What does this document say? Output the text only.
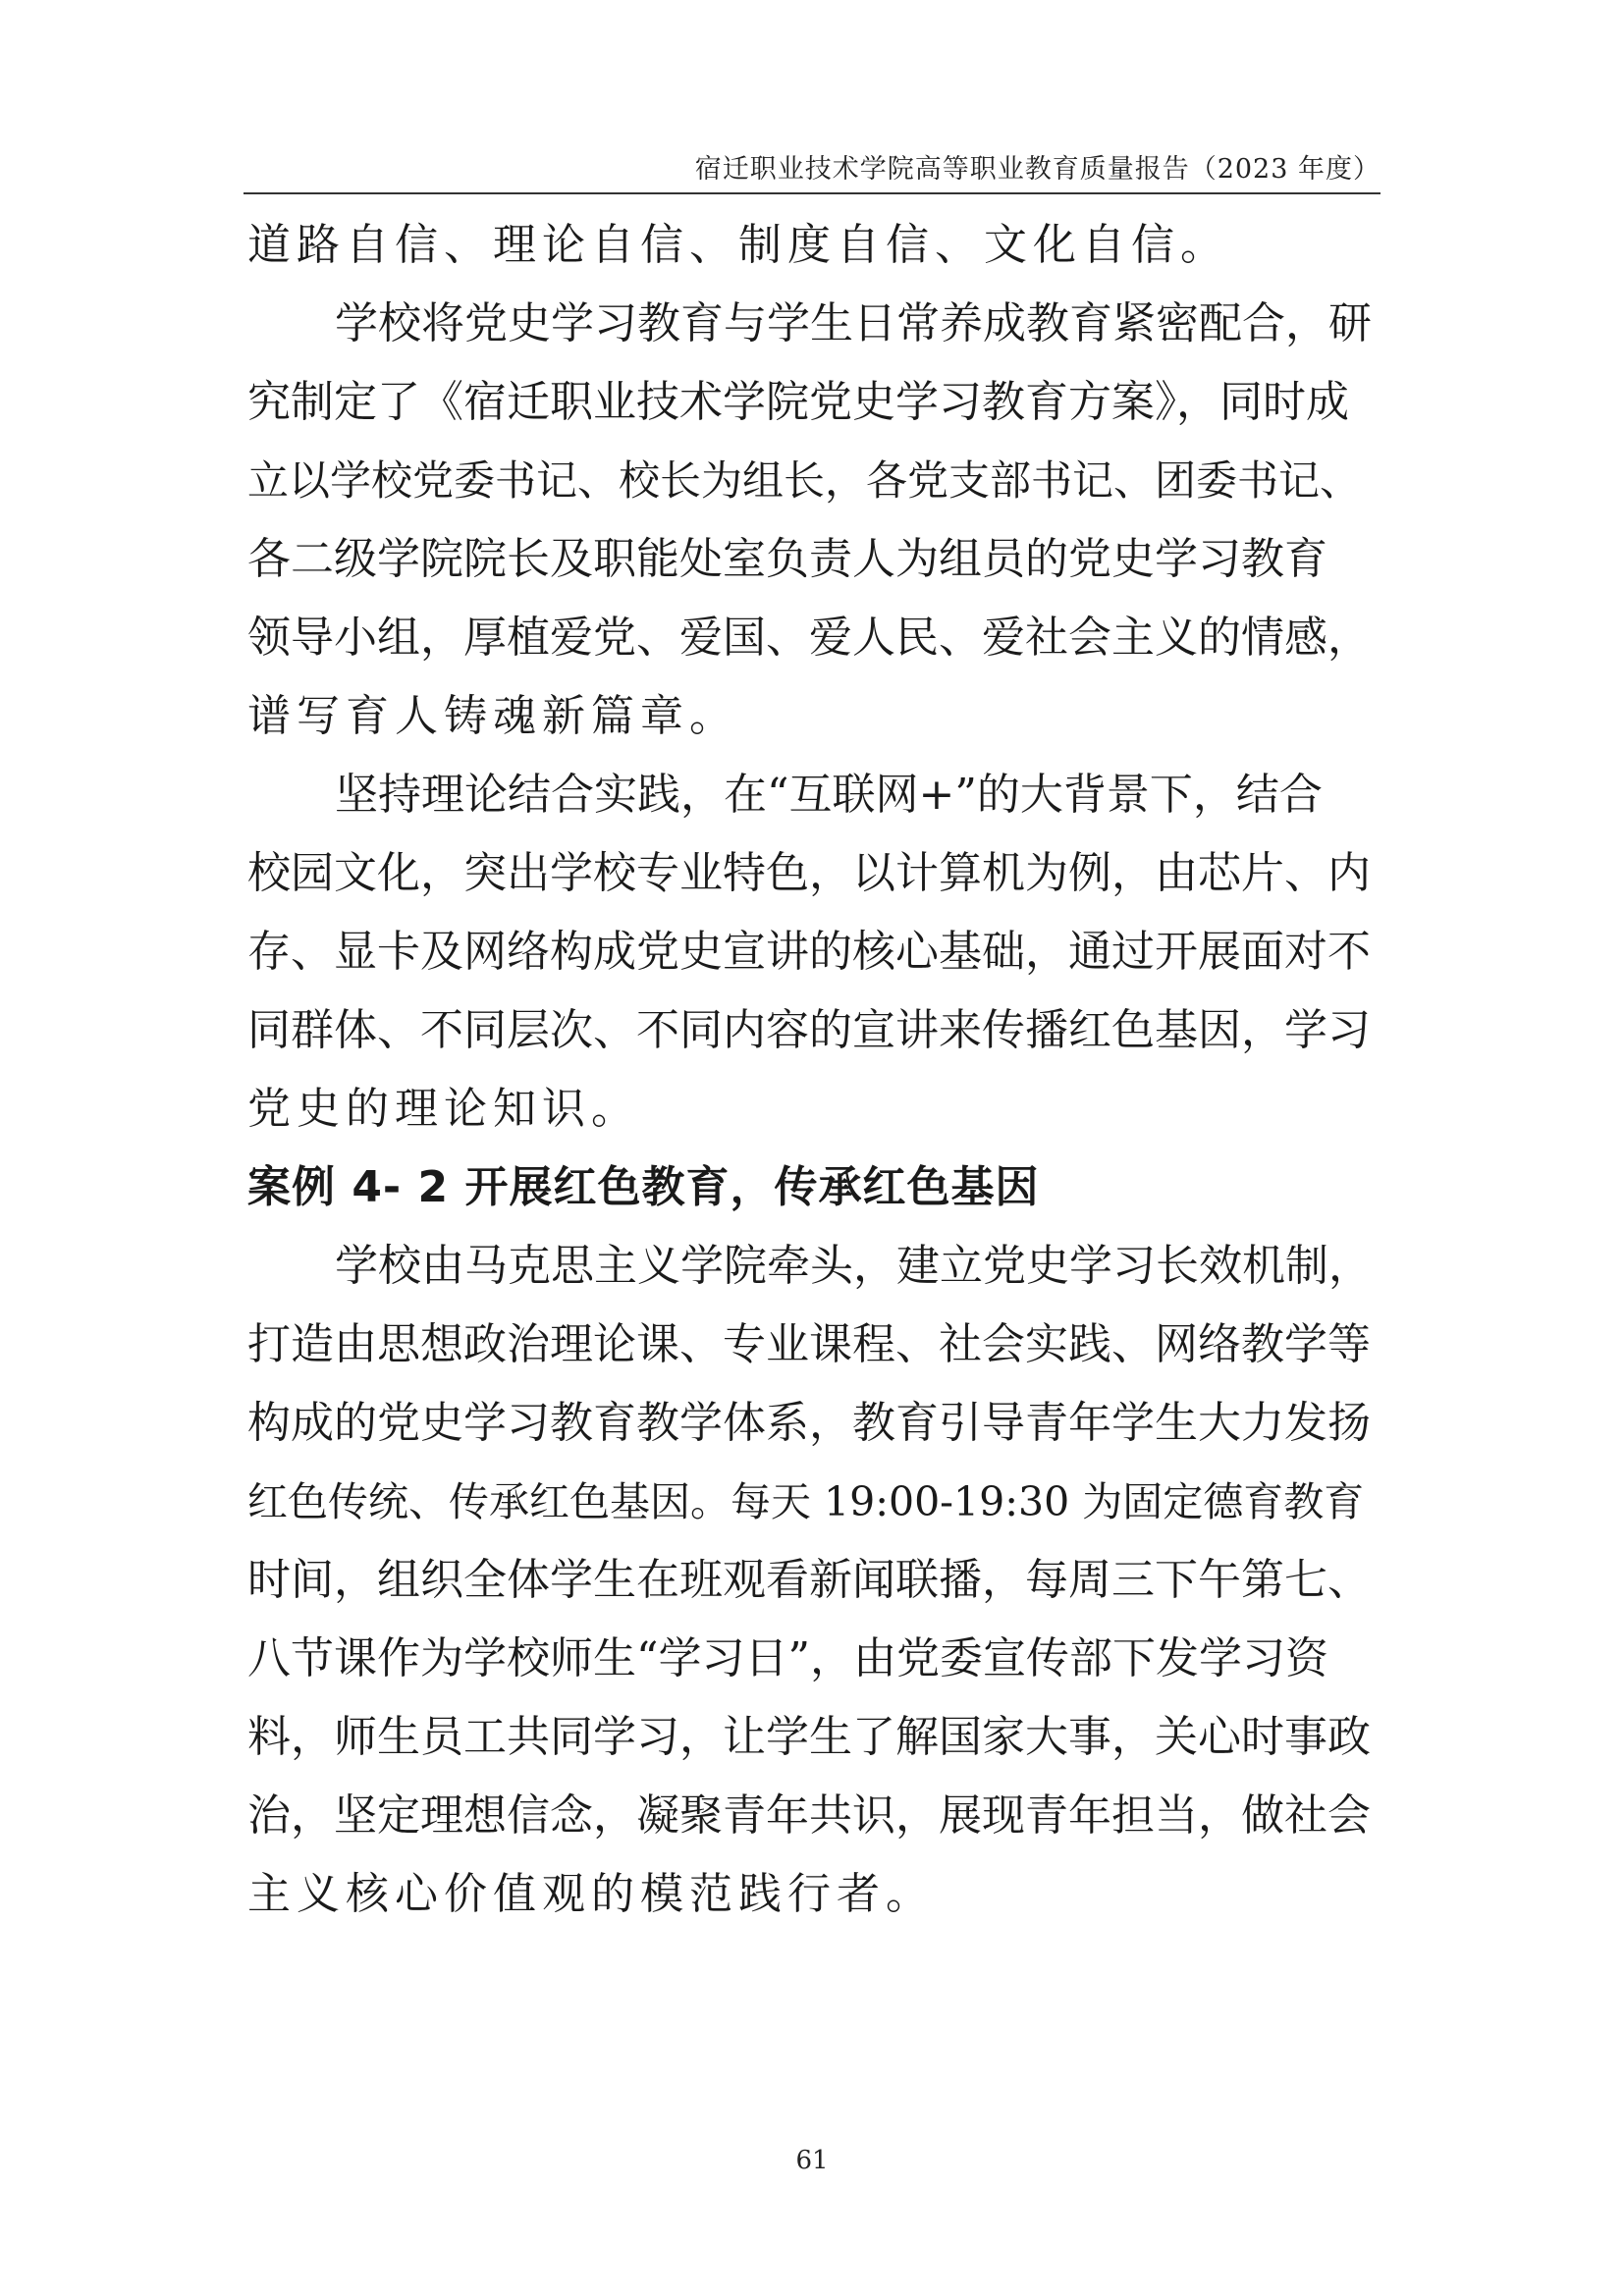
宿迁职业技术学院高等职业教育质量报告（2023 年度）
道路自信、理论自信、制度自信、文化自信。
学校将党史学习教育与学生日常养成教育紧密配合，研
究制定了《宿迁职业技术学院党史学习教育方案》，同时成
立以学校党委书记、校长为组长，各党支部书记、团委书记、
各二级学院院长及职能处室负责人为组员的党史学习教育
领导小组，厚植爱党、爱国、爱人民、爱社会主义的情感，
谱写育人铸魂新篇章。
坚持理论结合实践，在“互联网+”的大背景下，结合
校园文化，突出学校专业特色，以计算机为例，由芯片、内
存、显卡及网络构成党史宣讲的核心基础，通过开展面对不
同群体、不同层次、不同内容的宣讲来传播红色基因，学习
党史的理论知识。
案例 4- 2 开展红色教育，传承红色基因
学校由马克思主义学院牵头，建立党史学习长效机制，
打造由思想政治理论课、专业课程、社会实践、网络教学等
构成的党史学习教育教学体系，教育引导青年学生大力发扬
红色传统、传承红色基因。每天 19:00-19:30 为固定德育教育
时间，组织全体学生在班观看新闻联播，每周三下午第七、
八节课作为学校师生“学习日”，由党委宣传部下发学习资
料，师生员工共同学习，让学生了解国家大事，关心时事政
治，坚定理想信念，凝聚青年共识，展现青年担当，做社会
主义核心价值观的模范践行者。
61
